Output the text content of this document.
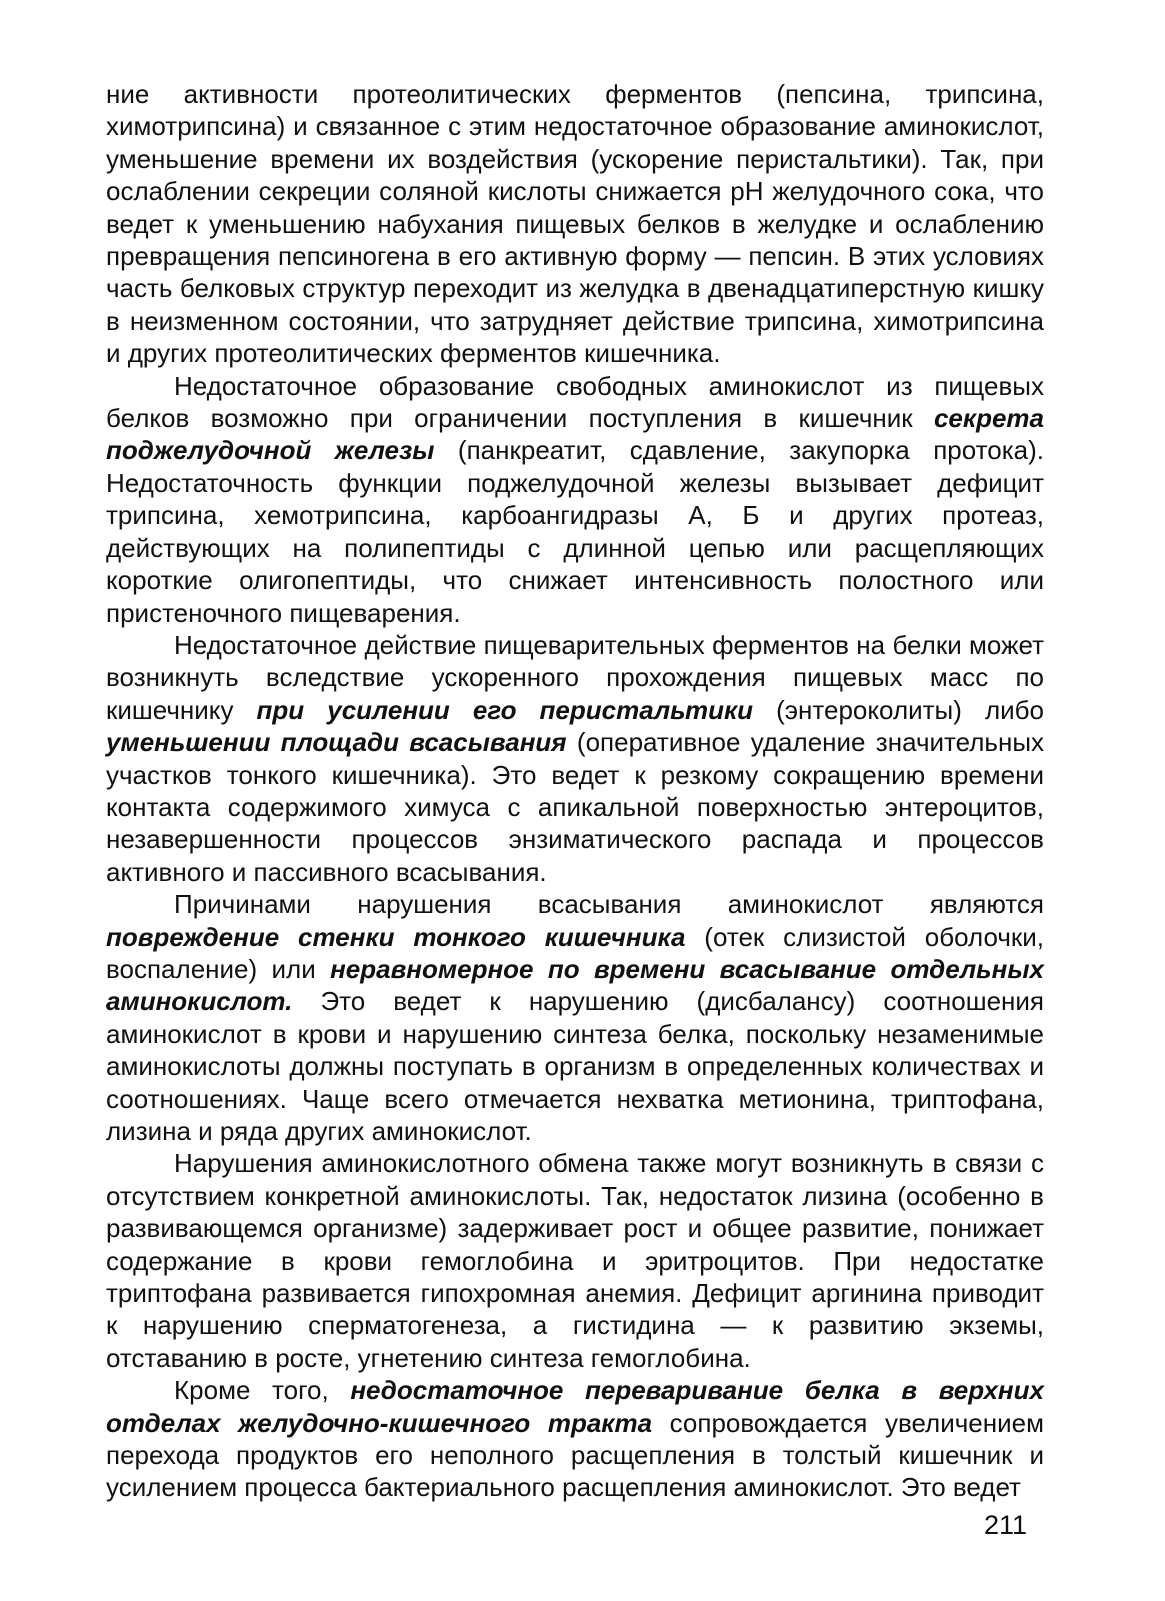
ние активности протеолитических ферментов (пепсина, трипсина, химотрипсина) и связанное с этим недостаточное образование аминокислот, уменьшение времени их воздействия (ускорение перистальтики). Так, при ослаблении секреции соляной кислоты снижается pH желудочного сока, что ведет к уменьшению набухания пищевых белков в желудке и ослаблению превращения пепсиногена в его активную форму — пепсин. В этих условиях часть белковых структур переходит из желудка в двенадцатиперстную кишку в неизменном состоянии, что затрудняет действие трипсина, химотрипсина и других протеолитических ферментов кишечника.

Недостаточное образование свободных аминокислот из пищевых белков возможно при ограничении поступления в кишечник секрета поджелудочной железы (панкреатит, сдавление, закупорка протока). Недостаточность функции поджелудочной железы вызывает дефицит трипсина, хемотрипсина, карбоангидразы А, Б и других протеаз, действующих на полипептиды с длинной цепью или расщепляющих короткие олигопептиды, что снижает интенсивность полостного или пристеночного пищеварения.

Недостаточное действие пищеварительных ферментов на белки может возникнуть вследствие ускоренного прохождения пищевых масс по кишечнику при усилении его перистальтики (энтероколиты) либо уменьшении площади всасывания (оперативное удаление значительных участков тонкого кишечника). Это ведет к резкому сокращению времени контакта содержимого химуса с апикальной поверхностью энтероцитов, незавершенности процессов энзиматического распада и процессов активного и пассивного всасывания.

Причинами нарушения всасывания аминокислот являются повреждение стенки тонкого кишечника (отек слизистой оболочки, воспаление) или неравномерное по времени всасывание отдельных аминокислот. Это ведет к нарушению (дисбалансу) соотношения аминокислот в крови и нарушению синтеза белка, поскольку незаменимые аминокислоты должны поступать в организм в определенных количествах и соотношениях. Чаще всего отмечается нехватка метионина, триптофана, лизина и ряда других аминокислот.

Нарушения аминокислотного обмена также могут возникнуть в связи с отсутствием конкретной аминокислоты. Так, недостаток лизина (особенно в развивающемся организме) задерживает рост и общее развитие, понижает содержание в крови гемоглобина и эритроцитов. При недостатке триптофана развивается гипохромная анемия. Дефицит аргинина приводит к нарушению сперматогенеза, а гистидина — к развитию экземы, отставанию в росте, угнетению синтеза гемоглобина.

Кроме того, недостаточное переваривание белка в верхних отделах желудочно-кишечного тракта сопровождается увеличением перехода продуктов его неполного расщепления в толстый кишечник и усилением процесса бактериального расщепления аминокислот. Это ведет

211
